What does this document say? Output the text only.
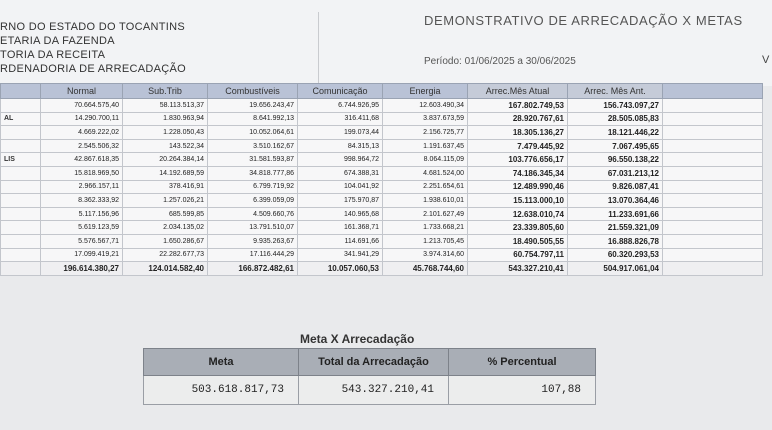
RNO DO ESTADO DO TOCANTINS
ETARIA DA FAZENDA
TORIA DA RECEITA
RDENADORIA DE ARRECADAÇÃO
DEMONSTRATIVO DE ARRECADAÇÃO X METAS
Período: 01/06/2025 a 30/06/2025	V
	Normal	Sub.Trib	Combustíveis	Comunicação	Energia	Arrec.Mês Atual	Arrec. Mês Ant.	
	70.664.575,40	58.113.513,37	19.656.243,47	6.744.926,95	12.603.490,34	167.802.749,53	156.743.097,27	
AL	14.290.700,11	1.830.963,94	8.641.992,13	316.411,68	3.837.673,59	28.920.767,61	28.505.085,83	
	4.669.222,02	1.228.050,43	10.052.064,61	199.073,44	2.156.725,77	18.305.136,27	18.121.446,22	
	2.545.506,32	143.522,34	3.510.162,67	84.315,13	1.191.637,45	7.479.445,92	7.067.495,65	
LIS	42.867.618,35	20.264.384,14	31.581.593,87	998.964,72	8.064.115,09	103.776.656,17	96.550.138,22	
	15.818.969,50	14.192.689,59	34.818.777,86	674.388,31	4.681.524,00	74.186.345,34	67.031.213,12	
	2.966.157,11	378.416,91	6.799.719,92	104.041,92	2.251.654,61	12.489.990,46	9.826.087,41	
	8.362.333,92	1.257.026,21	6.399.059,09	175.970,87	1.938.610,01	15.113.000,10	13.070.364,46	
	5.117.156,96	685.599,85	4.509.660,76	140.965,68	2.101.627,49	12.638.010,74	11.233.691,66	
	5.619.123,59	2.034.135,02	13.791.510,07	161.368,71	1.733.668,21	23.339.805,60	21.559.321,09	
	5.576.567,71	1.650.286,67	9.935.263,67	114.691,66	1.213.705,45	18.490.505,55	16.888.826,78	
	17.099.419,21	22.282.677,73	17.116.444,29	341.941,29	3.974.314,60	60.754.797,11	60.320.293,53	
	196.614.380,27	124.014.582,40	166.872.482,61	10.057.060,53	45.768.744,60	543.327.210,41	504.917.061,04	
Meta X Arrecadação
Meta	Total da Arrecadação	% Percentual
503.618.817,73	543.327.210,41	107,88
